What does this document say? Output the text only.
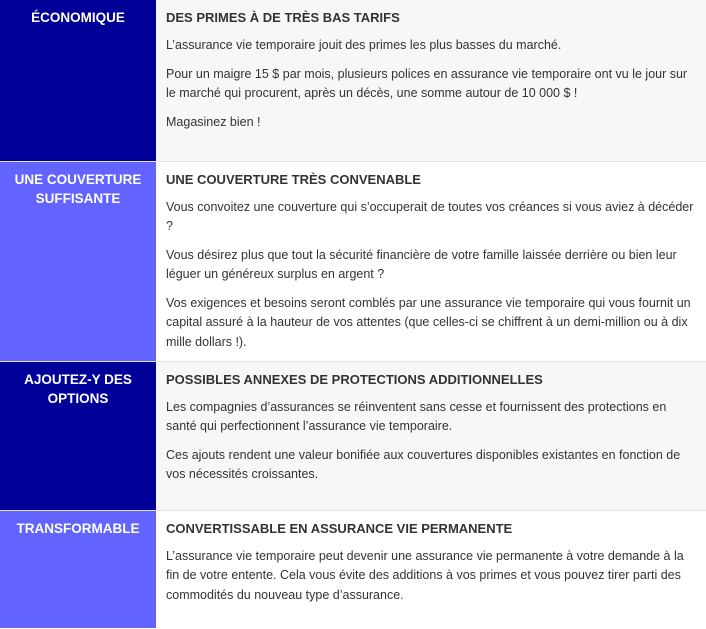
ÉCONOMIQUE	DES PRIMES À DE TRÈS BAS TARIFS

L’assurance vie temporaire jouit des primes les plus basses du marché.

Pour un maigre 15 $ par mois, plusieurs polices en assurance vie temporaire ont vu le jour sur le marché qui procurent, après un décès, une somme autour de 10 000 $ !

Magasinez bien !

UNE COUVERTURE SUFFISANTE	UNE COUVERTURE TRÈS CONVENABLE

Vous convoitez une couverture qui s’occuperait de toutes vos créances si vous aviez à décéder ?

Vous désirez plus que tout la sécurité financière de votre famille laissée derrière ou bien leur léguer un généreux surplus en argent ?

Vos exigences et besoins seront comblés par une assurance vie temporaire qui vous fournit un capital assuré à la hauteur de vos attentes (que celles-ci se chiffrent à un demi-million ou à dix mille dollars !).

AJOUTEZ-Y DES OPTIONS	POSSIBLES ANNEXES DE PROTECTIONS ADDITIONNELLES

Les compagnies d’assurances se réinventent sans cesse et fournissent des protections en santé qui perfectionnent l’assurance vie temporaire.

Ces ajouts rendent une valeur bonifiée aux couvertures disponibles existantes en fonction de vos nécessités croissantes.

TRANSFORMABLE	CONVERTISSABLE EN ASSURANCE VIE PERMANENTE

L’assurance vie temporaire peut devenir une assurance vie permanente à votre demande à la fin de votre entente. Cela vous évite des additions à vos primes et vous pouvez tirer parti des commodités du nouveau type d’assurance.
